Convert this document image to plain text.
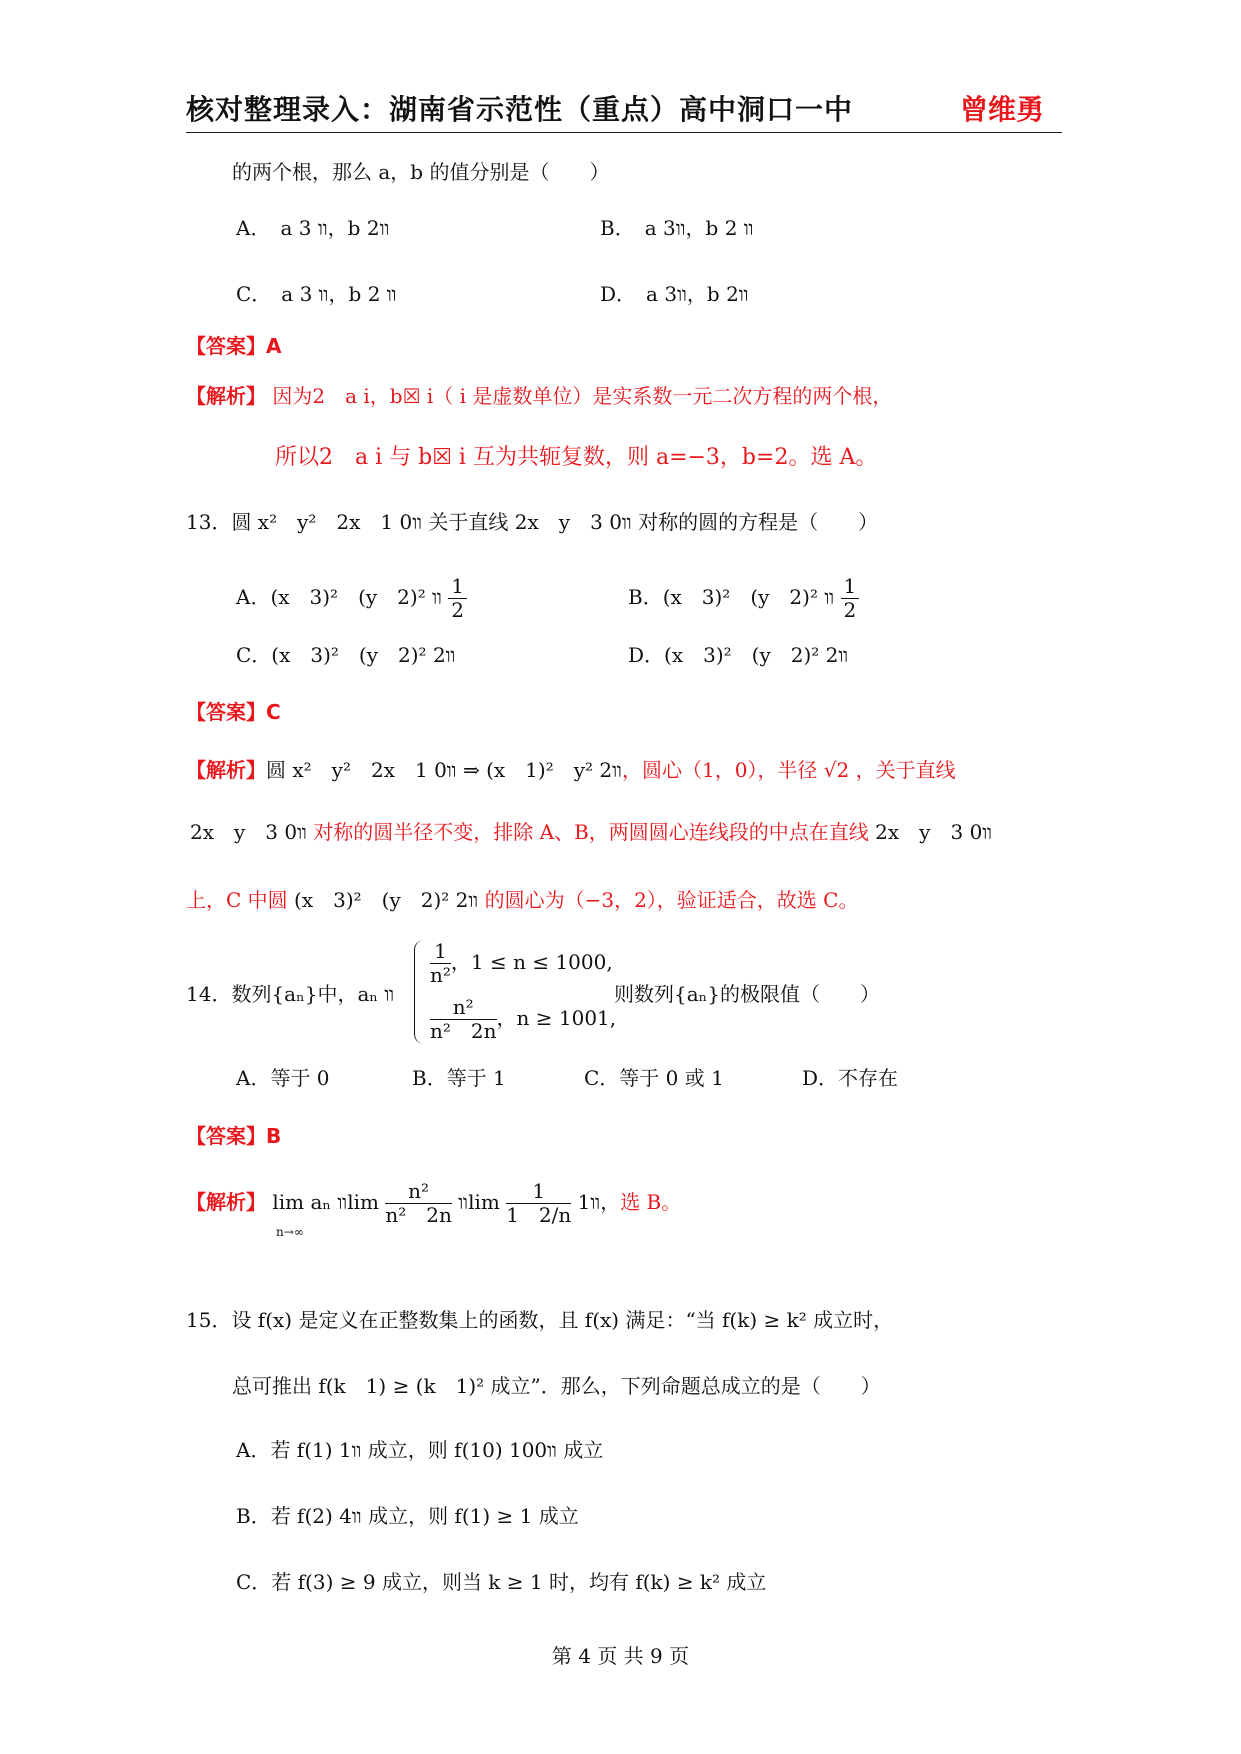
核对整理录入：湖南省示范性（重点）高中洞口一中	曾维勇
的两个根，那么 a，b 的值分别是（　　）
A．　a װ 3，b װ2	B．　a װ3，b װ 2
C．　a װ 3，b װ 2	D．　a װ3，b װ2
【答案】A
【解析】 因为2　a i，b☒ i（ i 是虚数单位）是实系数一元二次方程的两个根，
所以2　a i 与 b☒ i 互为共轭复数，则 a=−3，b=2。选 A。
13．圆 x²　y²　2x　1 װ0 关于直线 2x　y　3 װ0 对称的圆的方程是（　　）
A．(x　3)²　(y　2)² װ $\frac{1}{2}$	B．(x　3)²　(y　2)² װ $\frac{1}{2}$
C．(x　3)²　(y　2)² װ2	D．(x　3)²　(y　2)² װ2
【答案】C
【解析】圆 x²　y²　2x　1 װ0 ⇒ (x　1)²　y² װ2，圆心（1，0），半径 √2 ，关于直线
2x　y　3 װ0 对称的圆半径不变，排除 A、B，两圆圆心连线段的中点在直线 2x　y　3 װ0
上，C 中圆 (x　3)²　(y　2)² װ2 的圆心为（−3，2），验证适合，故选 C。
14．数列{aₙ}中，aₙ װ
$\frac{1}{\text{n²}}$ ，1 ≤ n ≤ 1000,
$\frac{\text{n²}}{\text{n²　2n}}$ ，n ≥ 1001,
则数列{aₙ}的极限值（　　）
A．等于 0	B．等于 1	C．等于 0 或 1	D．不存在
【答案】B
【解析】 lim aₙ װlim $\frac{\text{n²}}{\text{n²　2n}}$ װlim $\frac{1}{1 2/n}$ װ1，选 B。
n→∞
15．设 f(x) 是定义在正整数集上的函数，且 f(x) 满足：“当 f(k) ≥ k² 成立时，
总可推出 f(k　1) ≥ (k　1)² 成立”．那么，下列命题总成立的是（　　）
A．若 f(1) װ1 成立，则 f(10) װ100 成立
B．若 f(2) װ4 成立，则 f(1) ≥ 1 成立
C．若 f(3) ≥ 9 成立，则当 k ≥ 1 时，均有 f(k) ≥ k² 成立
第 4 页 共 9 页
